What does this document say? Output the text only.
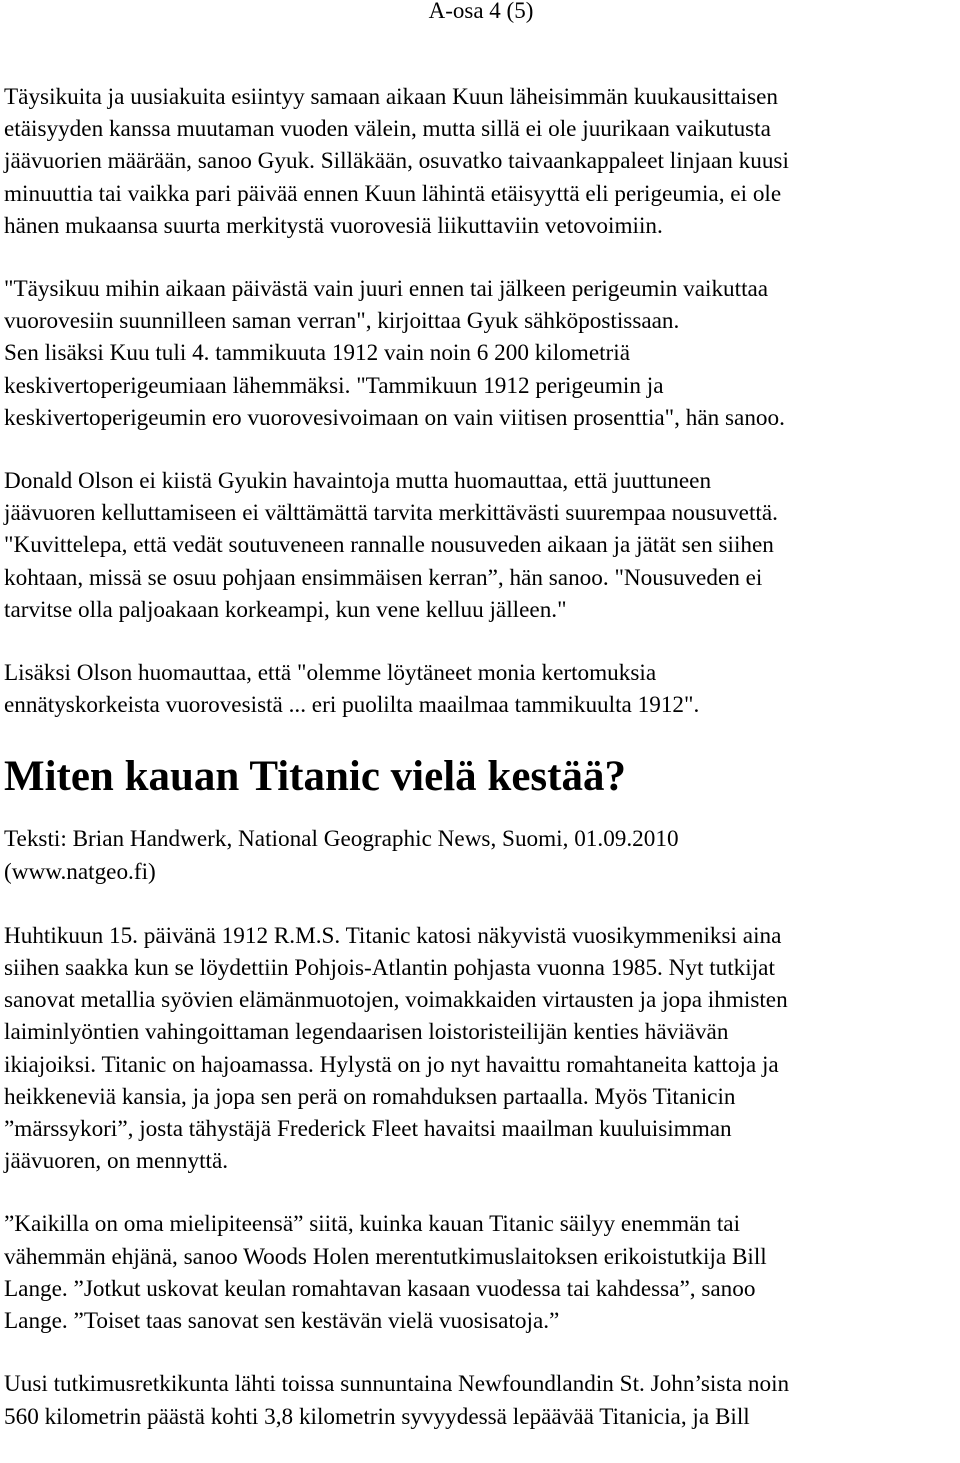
A-osa 4 (5)
Täysikuita ja uusiakuita esiintyy samaan aikaan Kuun läheisimmän kuukausittaisen
etäisyyden kanssa muutaman vuoden välein, mutta sillä ei ole juurikaan vaikutusta
jäävuorien määrään, sanoo Gyuk. Silläkään, osuvatko taivaankappaleet linjaan kuusi
minuuttia tai vaikka pari päivää ennen Kuun lähintä etäisyyttä eli perigeumia, ei ole
hänen mukaansa suurta merkitystä vuorovesiä liikuttaviin vetovoimiin.
"Täysikuu mihin aikaan päivästä vain juuri ennen tai jälkeen perigeumin vaikuttaa
vuorovesiin suunnilleen saman verran", kirjoittaa Gyuk sähköpostissaan.
Sen lisäksi Kuu tuli 4. tammikuuta 1912 vain noin 6 200 kilometriä
keskivertoperigeumiaan lähemmäksi. "Tammikuun 1912 perigeumin ja
keskivertoperigeumin ero vuorovesivoimaan on vain viitisen prosenttia", hän sanoo.
Donald Olson ei kiistä Gyukin havaintoja mutta huomauttaa, että juuttuneen
jäävuoren kelluttamiseen ei välttämättä tarvita merkittävästi suurempaa nousuvettä.
"Kuvittelepa, että vedät soutuveneen rannalle nousuveden aikaan ja jätät sen siihen
kohtaan, missä se osuu pohjaan ensimmäisen kerran”, hän sanoo. "Nousuveden ei
tarvitse olla paljoakaan korkeampi, kun vene kelluu jälleen."
Lisäksi Olson huomauttaa, että "olemme löytäneet monia kertomuksia
ennätyskorkeista vuorovesistä ... eri puolilta maailmaa tammikuulta 1912".
Miten kauan Titanic vielä kestää?
Teksti: Brian Handwerk, National Geographic News, Suomi, 01.09.2010
(www.natgeo.fi)
Huhtikuun 15. päivänä 1912 R.M.S. Titanic katosi näkyvistä vuosikymmeniksi aina
siihen saakka kun se löydettiin Pohjois-Atlantin pohjasta vuonna 1985. Nyt tutkijat
sanovat metallia syövien elämänmuotojen, voimakkaiden virtausten ja jopa ihmisten
laiminlyöntien vahingoittaman legendaarisen loistoristeilijän kenties häviävän
ikiajoiksi. Titanic on hajoamassa. Hylystä on jo nyt havaittu romahtaneita kattoja ja
heikkeneviä kansia, ja jopa sen perä on romahduksen partaalla. Myös Titanicin
”märssykori”, josta tähystäjä Frederick Fleet havaitsi maailman kuuluisimman
jäävuoren, on mennyttä.
”Kaikilla on oma mielipiteensä” siitä, kuinka kauan Titanic säilyy enemmän tai
vähemmän ehjänä, sanoo Woods Holen merentutkimuslaitoksen erikoistutkija Bill
Lange. ”Jotkut uskovat keulan romahtavan kasaan vuodessa tai kahdessa”, sanoo
Lange. ”Toiset taas sanovat sen kestävän vielä vuosisatoja.”
Uusi tutkimusretkikunta lähti toissa sunnuntaina Newfoundlandin St. John’sista noin
560 kilometrin päästä kohti 3,8 kilometrin syvyydessä lepäävää Titanicia, ja Bill
